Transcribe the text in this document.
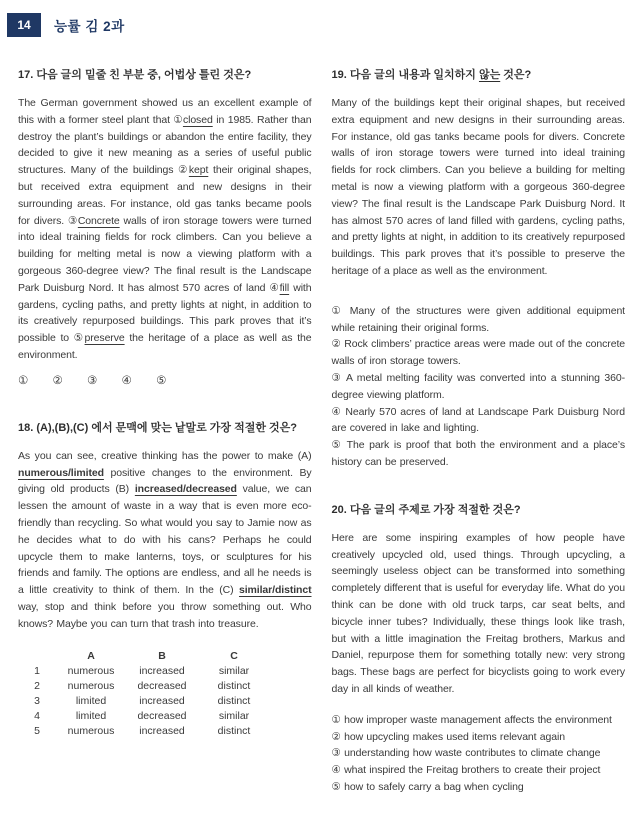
14	능률 김 2과
17. 다음 글의 밑줄 친 부분 중, 어법상 틀린 것은?

The German government showed us an excellent example of this with a former steel plant that ①closed in 1985. Rather than destroy the plant’s buildings or abandon the entire facility, they decided to give it new meaning as a series of useful public structures. Many of the buildings ②kept their original shapes, but received extra equipment and new designs in their surrounding areas. For instance, old gas tanks became pools for divers. ③Concrete walls of iron storage towers were turned into ideal training fields for rock climbers. Can you believe a building for melting metal is now a viewing platform with a gorgeous 360-degree view? The final result is the Landscape Park Duisburg Nord. It has almost 570 acres of land ④fill with gardens, cycling paths, and pretty lights at night, in addition to its creatively repurposed buildings. This park proves that it’s possible to ⑤preserve the heritage of a place as well as the environment.

① ② ③ ④ ⑤
18. (A),(B),(C) 에서 문맥에 맞는 낱말로 가장 적절한 것은?

As you can see, creative thinking has the power to make (A) numerous/limited positive changes to the environment. By giving old products (B) increased/decreased value, we can lessen the amount of waste in a way that is even more eco-friendly than recycling. So what would you say to Jamie now as he decides what to do with his cans? Perhaps he could upcycle them to make lanterns, toys, or sculptures for his friends and family. The options are endless, and all he needs is a little creativity to think of them. In the (C) similar/distinct way, stop and think before you throw something out. Who knows? Maybe you can turn that trash into treasure.

	A	B	C
1	numerous	increased	similar
2	numerous	decreased	distinct
3	limited	increased	distinct
4	limited	decreased	similar
5	numerous	increased	distinct
19. 다음 글의 내용과 일치하지 않는 것은?

Many of the buildings kept their original shapes, but received extra equipment and new designs in their surrounding areas. For instance, old gas tanks became pools for divers. Concrete walls of iron storage towers were turned into ideal training fields for rock climbers. Can you believe a building for melting metal is now a viewing platform with a gorgeous 360-degree view? The final result is the Landscape Park Duisburg Nord. It has almost 570 acres of land filled with gardens, cycling paths, and pretty lights at night, in addition to its creatively repurposed buildings. This park proves that it’s possible to preserve the heritage of a place as well as the environment.

① Many of the structures were given additional equipment while retaining their original forms.
② Rock climbers’ practice areas were made out of the concrete walls of iron storage towers.
③ A metal melting facility was converted into a stunning 360-degree viewing platform.
④ Nearly 570 acres of land at Landscape Park Duisburg Nord are covered in lake and lighting.
⑤ The park is proof that both the environment and a place’s history can be preserved.
20. 다음 글의 주제로 가장 적절한 것은?

Here are some inspiring examples of how people have creatively upcycled old, used things. Through upcycling, a seemingly useless object can be transformed into something completely different that is useful for everyday life. What do you think can be done with old truck tarps, car seat belts, and bicycle inner tubes? Individually, these things look like trash, but with a little imagination the Freitag brothers, Markus and Daniel, repurpose them for something totally new: very strong bags. These bags are perfect for bicyclists going to work every day in all kinds of weather.

① how improper waste management affects the environment
② how upcycling makes used items relevant again
③ understanding how waste contributes to climate change
④ what inspired the Freitag brothers to create their project
⑤ how to safely carry a bag when cycling
